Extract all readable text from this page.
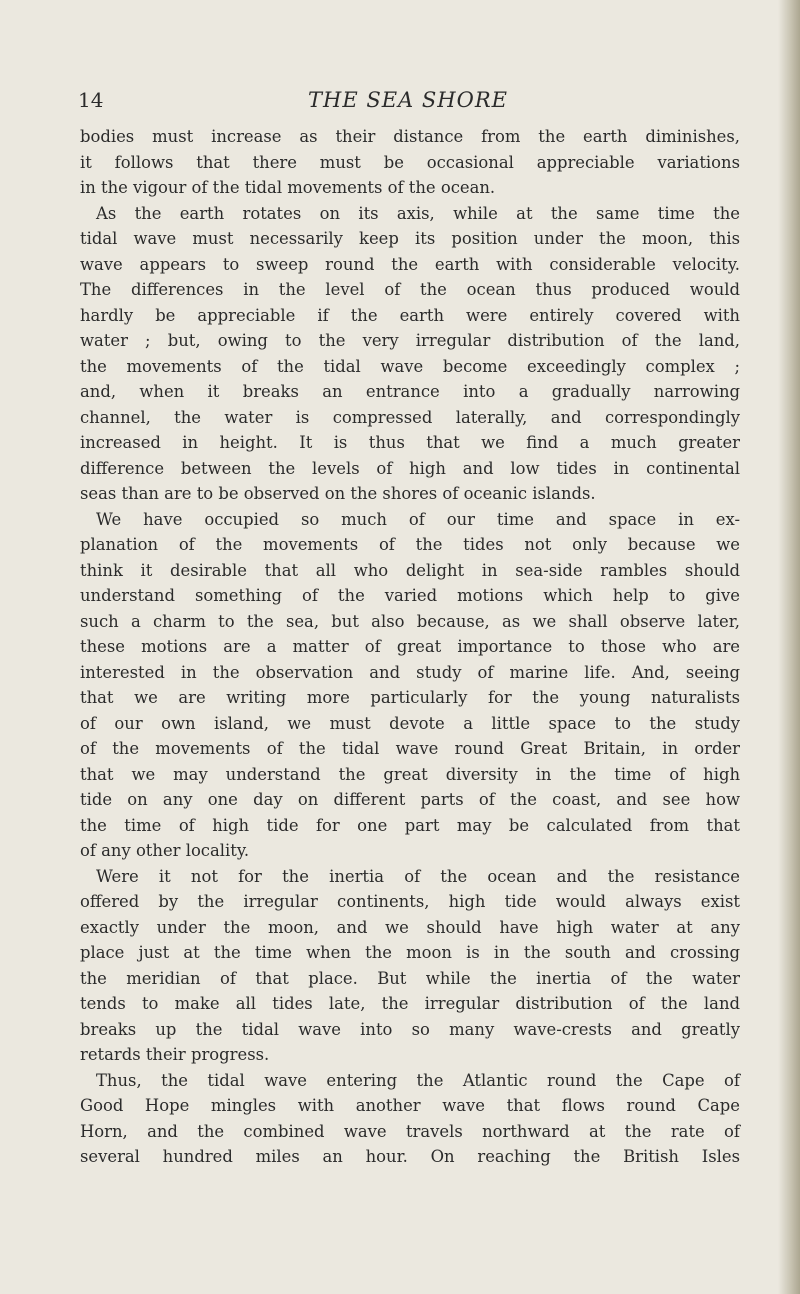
14	THE SEA SHORE
bodies must increase as their distance from the earth diminishes,
it follows that there must be occasional appreciable variations
in the vigour of the tidal movements of the ocean.
As the earth rotates on its axis, while at the same time the
tidal wave must necessarily keep its position under the moon, this
wave appears to sweep round the earth with considerable velocity.
The differences in the level of the ocean thus produced would
hardly be appreciable if the earth were entirely covered with
water ; but, owing to the very irregular distribution of the land,
the movements of the tidal wave become exceedingly complex ;
and, when it breaks an entrance into a gradually narrowing
channel, the water is compressed laterally, and correspondingly
increased in height. It is thus that we find a much greater
difference between the levels of high and low tides in continental
seas than are to be observed on the shores of oceanic islands.
We have occupied so much of our time and space in ex-
planation of the movements of the tides not only because we
think it desirable that all who delight in sea-side rambles should
understand something of the varied motions which help to give
such a charm to the sea, but also because, as we shall observe later,
these motions are a matter of great importance to those who are
interested in the observation and study of marine life. And, seeing
that we are writing more particularly for the young naturalists
of our own island, we must devote a little space to the study
of the movements of the tidal wave round Great Britain, in order
that we may understand the great diversity in the time of high
tide on any one day on different parts of the coast, and see how
the time of high tide for one part may be calculated from that
of any other locality.
Were it not for the inertia of the ocean and the resistance
offered by the irregular continents, high tide would always exist
exactly under the moon, and we should have high water at any
place just at the time when the moon is in the south and crossing
the meridian of that place. But while the inertia of the water
tends to make all tides late, the irregular distribution of the land
breaks up the tidal wave into so many wave-crests and greatly
retards their progress.
Thus, the tidal wave entering the Atlantic round the Cape of
Good Hope mingles with another wave that flows round Cape
Horn, and the combined wave travels northward at the rate of
several hundred miles an hour. On reaching the British Isles
